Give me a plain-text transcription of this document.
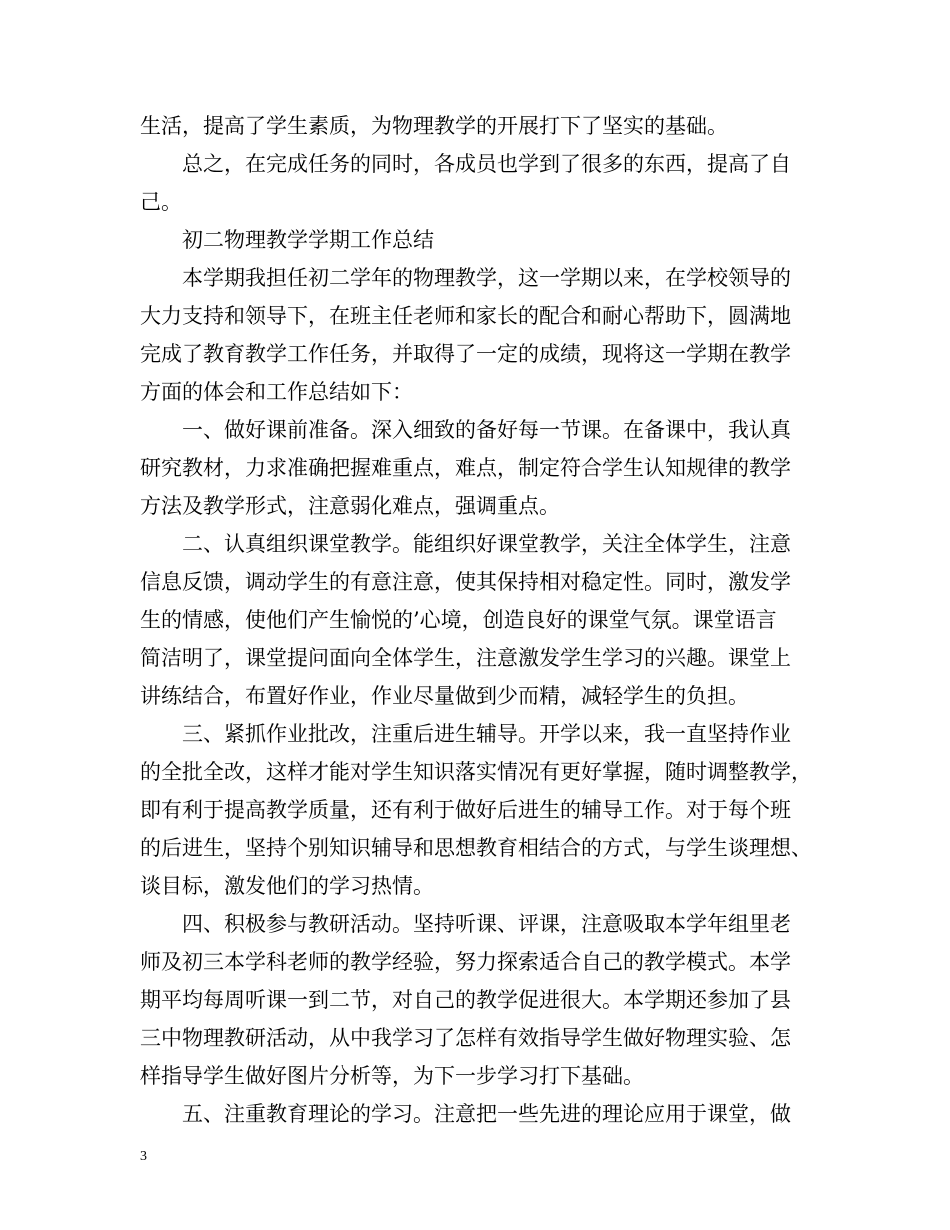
生活，提高了学生素质，为物理教学的开展打下了坚实的基础。
总之，在完成任务的同时，各成员也学到了很多的东西，提高了自
己。
初二物理教学学期工作总结
本学期我担任初二学年的物理教学，这一学期以来，在学校领导的
大力支持和领导下，在班主任老师和家长的配合和耐心帮助下，圆满地
完成了教育教学工作任务，并取得了一定的成绩，现将这一学期在教学
方面的体会和工作总结如下：
一、做好课前准备。深入细致的备好每一节课。在备课中，我认真
研究教材，力求准确把握难重点，难点，制定符合学生认知规律的教学
方法及教学形式，注意弱化难点，强调重点。
二、认真组织课堂教学。能组织好课堂教学，关注全体学生，注意
信息反馈，调动学生的有意注意，使其保持相对稳定性。同时，激发学
生的情感，使他们产生愉悦的’心境，创造良好的课堂气氛。课堂语言
简洁明了，课堂提问面向全体学生，注意激发学生学习的兴趣。课堂上
讲练结合，布置好作业，作业尽量做到少而精，减轻学生的负担。
三、紧抓作业批改，注重后进生辅导。开学以来，我一直坚持作业
的全批全改，这样才能对学生知识落实情况有更好掌握，随时调整教学，
即有利于提高教学质量，还有利于做好后进生的辅导工作。对于每个班
的后进生，坚持个别知识辅导和思想教育相结合的方式，与学生谈理想、
谈目标，激发他们的学习热情。
四、积极参与教研活动。坚持听课、评课，注意吸取本学年组里老
师及初三本学科老师的教学经验，努力探索适合自己的教学模式。本学
期平均每周听课一到二节，对自己的教学促进很大。本学期还参加了县
三中物理教研活动，从中我学习了怎样有效指导学生做好物理实验、怎
样指导学生做好图片分析等，为下一步学习打下基础。
五、注重教育理论的学习。注意把一些先进的理论应用于课堂，做
3
